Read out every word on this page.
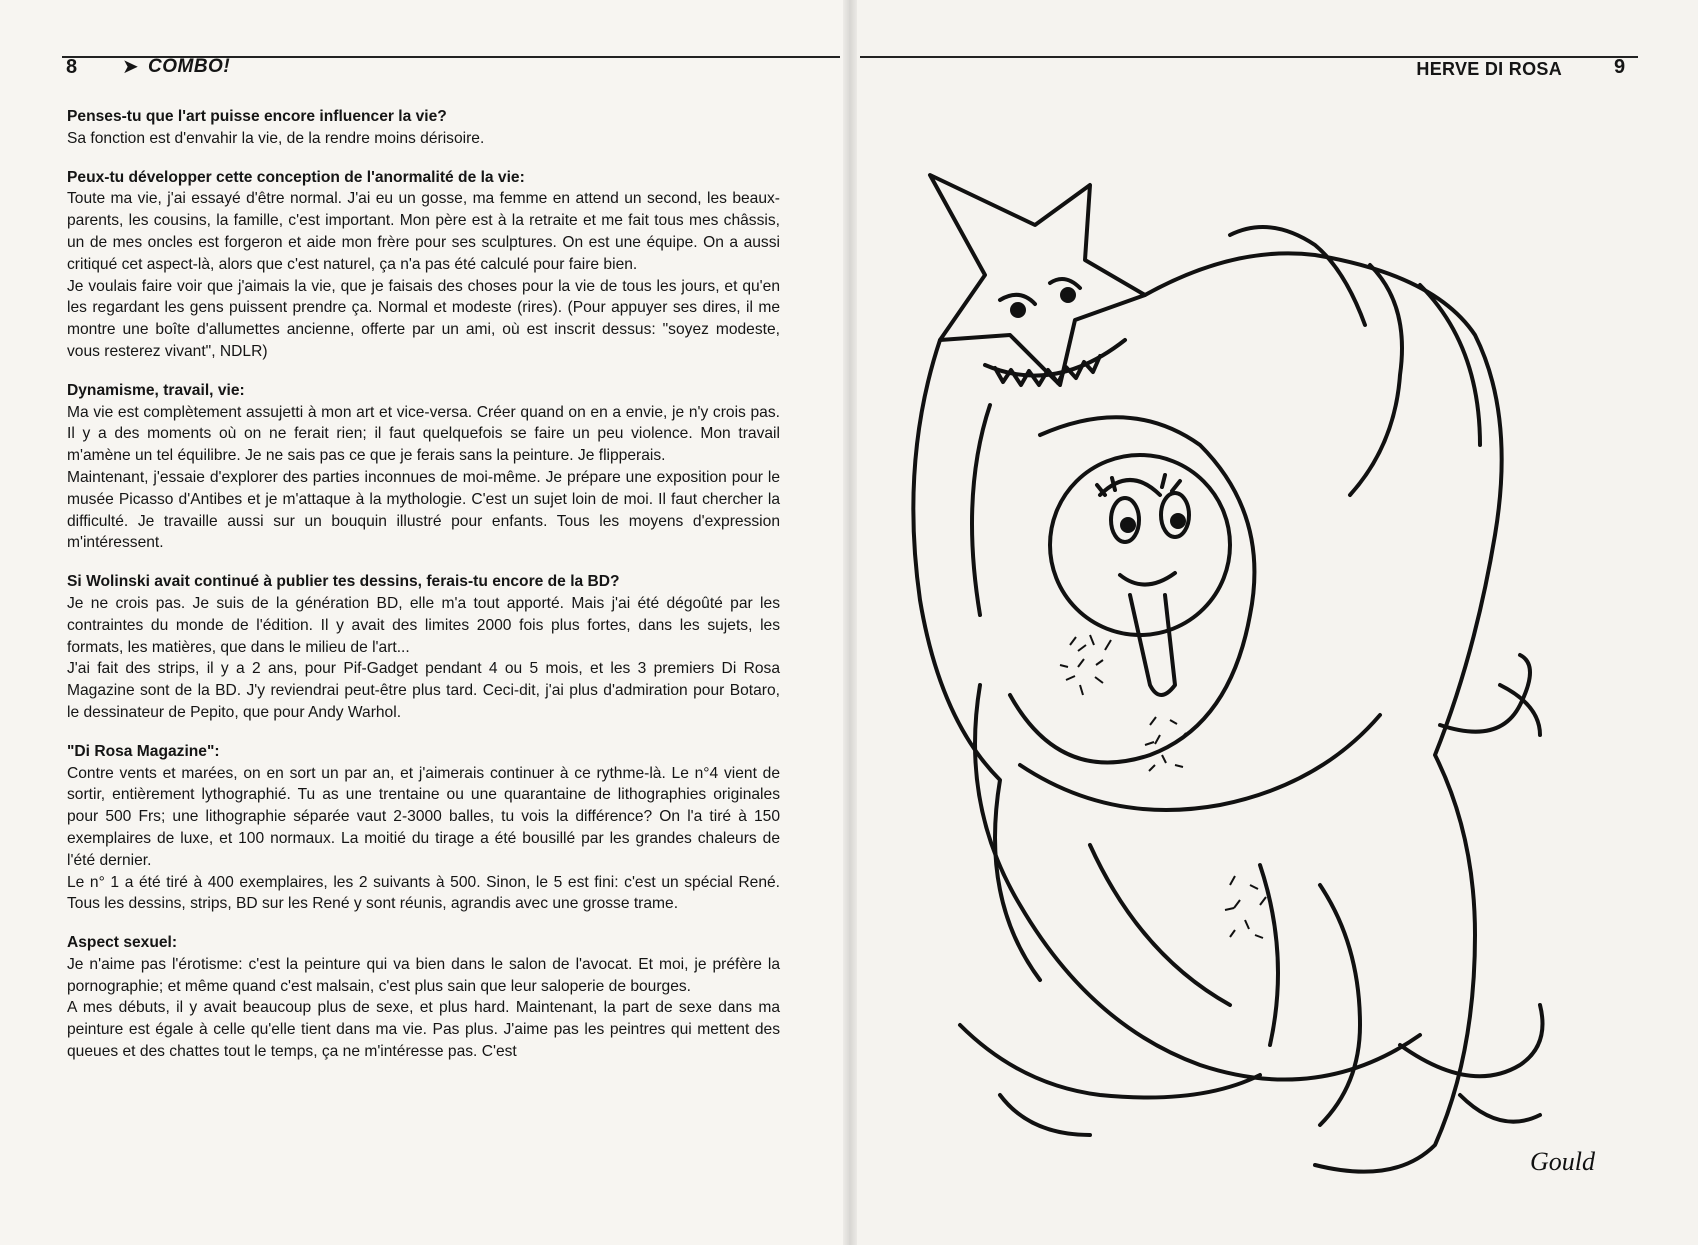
8 ➤ COMBO!	HERVE DI ROSA	9
Penses-tu que l'art puisse encore influencer la vie?

Sa fonction est d'envahir la vie, de la rendre moins dérisoire.

Peux-tu développer cette conception de l'anormalité de la vie:

Toute ma vie, j'ai essayé d'être normal. J'ai eu un gosse, ma femme en attend un second, les beaux-parents, les cousins, la famille, c'est important. Mon père est à la retraite et me fait tous mes châssis, un de mes oncles est forgeron et aide mon frère pour ses sculptures. On est une équipe. On a aussi critiqué cet aspect-là, alors que c'est naturel, ça n'a pas été calculé pour faire bien.

Je voulais faire voir que j'aimais la vie, que je faisais des choses pour la vie de tous les jours, et qu'en les regardant les gens puissent prendre ça. Normal et modeste (rires). (Pour appuyer ses dires, il me montre une boîte d'allumettes ancienne, offerte par un ami, où est inscrit dessus: "soyez modeste, vous resterez vivant", NDLR)

Dynamisme, travail, vie:

Ma vie est complètement assujetti à mon art et vice-versa. Créer quand on en a envie, je n'y crois pas. Il y a des moments où on ne ferait rien; il faut quelquefois se faire un peu violence. Mon travail m'amène un tel équilibre. Je ne sais pas ce que je ferais sans la peinture. Je flipperais.

Maintenant, j'essaie d'explorer des parties inconnues de moi-même. Je prépare une exposition pour le musée Picasso d'Antibes et je m'attaque à la mythologie. C'est un sujet loin de moi. Il faut chercher la difficulté. Je travaille aussi sur un bouquin illustré pour enfants. Tous les moyens d'expression m'intéressent.

Si Wolinski avait continué à publier tes dessins, ferais-tu encore de la BD?

Je ne crois pas. Je suis de la génération BD, elle m'a tout apporté. Mais j'ai été dégoûté par les contraintes du monde de l'édition. Il y avait des limites 2000 fois plus fortes, dans les sujets, les formats, les matières, que dans le milieu de l'art...

J'ai fait des strips, il y a 2 ans, pour Pif-Gadget pendant 4 ou 5 mois, et les 3 premiers Di Rosa Magazine sont de la BD. J'y reviendrai peut-être plus tard. Ceci-dit, j'ai plus d'admiration pour Botaro, le dessinateur de Pepito, que pour Andy Warhol.

"Di Rosa Magazine":

Contre vents et marées, on en sort un par an, et j'aimerais continuer à ce rythme-là. Le n°4 vient de sortir, entièrement lythographié. Tu as une trentaine ou une quarantaine de lithographies originales pour 500 Frs; une lithographie séparée vaut 2-3000 balles, tu vois la différence? On l'a tiré à 150 exemplaires de luxe, et 100 normaux. La moitié du tirage a été bousillé par les grandes chaleurs de l'été dernier.

Le n° 1 a été tiré à 400 exemplaires, les 2 suivants à 500. Sinon, le 5 est fini: c'est un spécial René. Tous les dessins, strips, BD sur les René y sont réunis, agrandis avec une grosse trame.

Aspect sexuel:

Je n'aime pas l'érotisme: c'est la peinture qui va bien dans le salon de l'avocat. Et moi, je préfère la pornographie; et même quand c'est malsain, c'est plus sain que leur saloperie de bourges.

A mes débuts, il y avait beaucoup plus de sexe, et plus hard. Maintenant, la part de sexe dans ma peinture est égale à celle qu'elle tient dans ma vie. Pas plus. J'aime pas les peintres qui mettent des queues et des chattes tout le temps, ça ne m'intéresse pas. C'est

Gould
